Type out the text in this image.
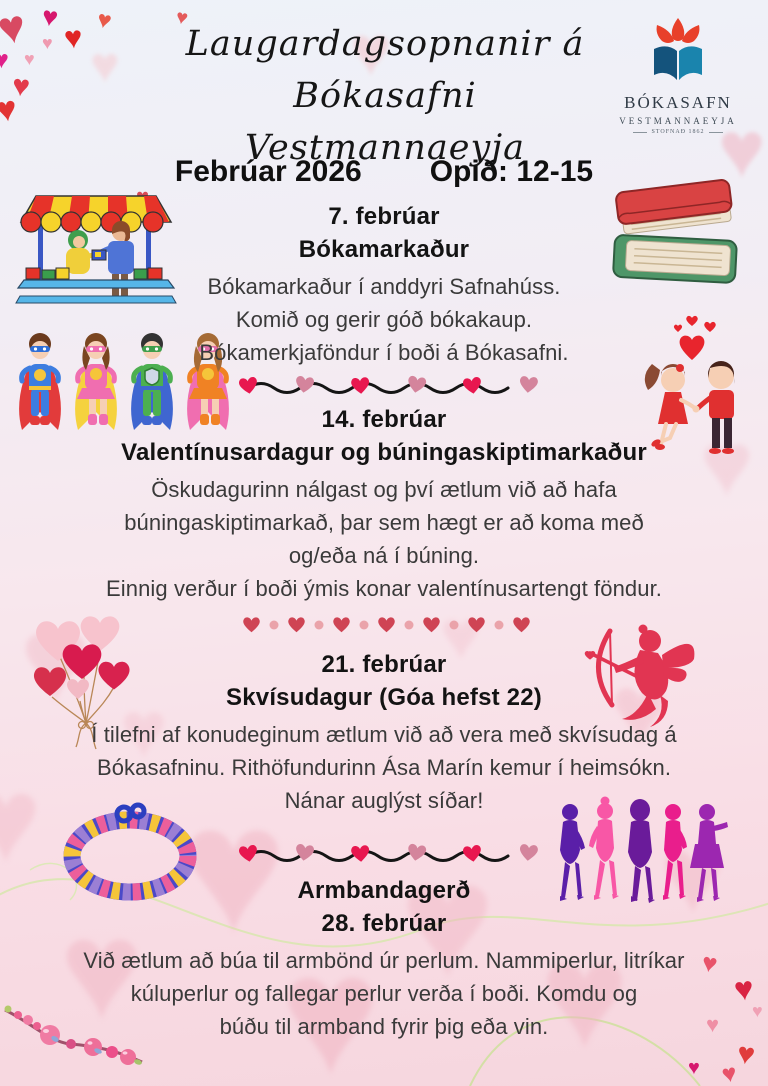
♥
♥
♥
♥
♥
♥
♥
♥
♥
♥
♥
♥
♥
♥
♥
♥
♥
♥
♥
♥
♥
♥
♥
♥
♥
♥
♥
♥
♥
♥
♥
♥
♥
Laugardagsopnanir á
Bókasafni Vestmannaeyja
BÓKASAFN
VESTMANNAEYJA
STOFNAÐ 1862
Febrúar 2026 Opið: 12-15
7. febrúar
Bókamarkaður

Bókamarkaður í anddyri Safnahúss.

Komið og gerir góð bókakaup.

Bókamerkjaföndur í boði á Bókasafni.

14. febrúar
Valentínusardagur og búningaskiptimarkaður

Öskudagurinn nálgast og því ætlum við að hafa

búningaskiptimarkað, þar sem hægt er að koma með

og/eða ná í búning.

Einnig verður í boði ýmis konar valentínusartengt föndur.

21. febrúar
Skvísudagur (Góa hefst 22)

Í tilefni af konudeginum ætlum við að vera með skvísudag á

Bókasafninu. Rithöfundurinn Ása Marín kemur í heimsókn.

Nánar auglýst síðar!

Armbandagerð
28. febrúar

Við ætlum að búa til armbönd úr perlum. Nammiperlur, litríkar

kúluperlur og fallegar perlur verða í boði. Komdu og

búðu til armband fyrir þig eða vin.
